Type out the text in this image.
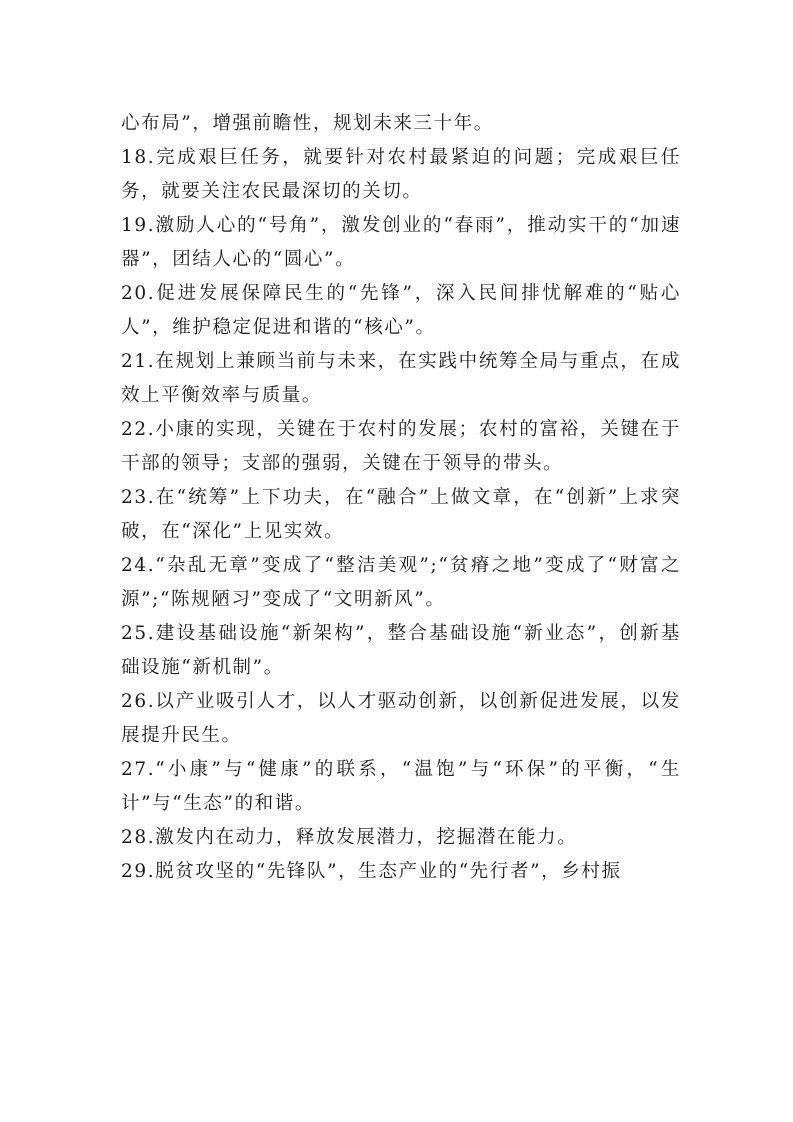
心布局”，增强前瞻性，规划未来三十年。

18.完成艰巨任务，就要针对农村最紧迫的问题；完成艰巨任务，就要关注农民最深切的关切。

19.激励人心的“号角”，激发创业的“春雨”，推动实干的“加速器”，团结人心的“圆心”。

20.促进发展保障民生的“先锋”，深入民间排忧解难的“贴心人”，维护稳定促进和谐的“核心”。

21.在规划上兼顾当前与未来，在实践中统筹全局与重点，在成效上平衡效率与质量。

22.小康的实现，关键在于农村的发展；农村的富裕，关键在于干部的领导；支部的强弱，关键在于领导的带头。

23.在“统筹”上下功夫，在“融合”上做文章，在“创新”上求突破，在“深化”上见实效。

24.“杂乱无章”变成了“整洁美观”;“贫瘠之地”变成了“财富之源”;“陈规陋习”变成了“文明新风”。

25.建设基础设施“新架构”，整合基础设施“新业态”，创新基础设施“新机制”。

26.以产业吸引人才，以人才驱动创新，以创新促进发展，以发展提升民生。

27.“小康”与“健康”的联系，“温饱”与“环保”的平衡，“生计”与“生态”的和谐。

28.激发内在动力，释放发展潜力，挖掘潜在能力。

29.脱贫攻坚的“先锋队”，生态产业的“先行者”，乡村振
